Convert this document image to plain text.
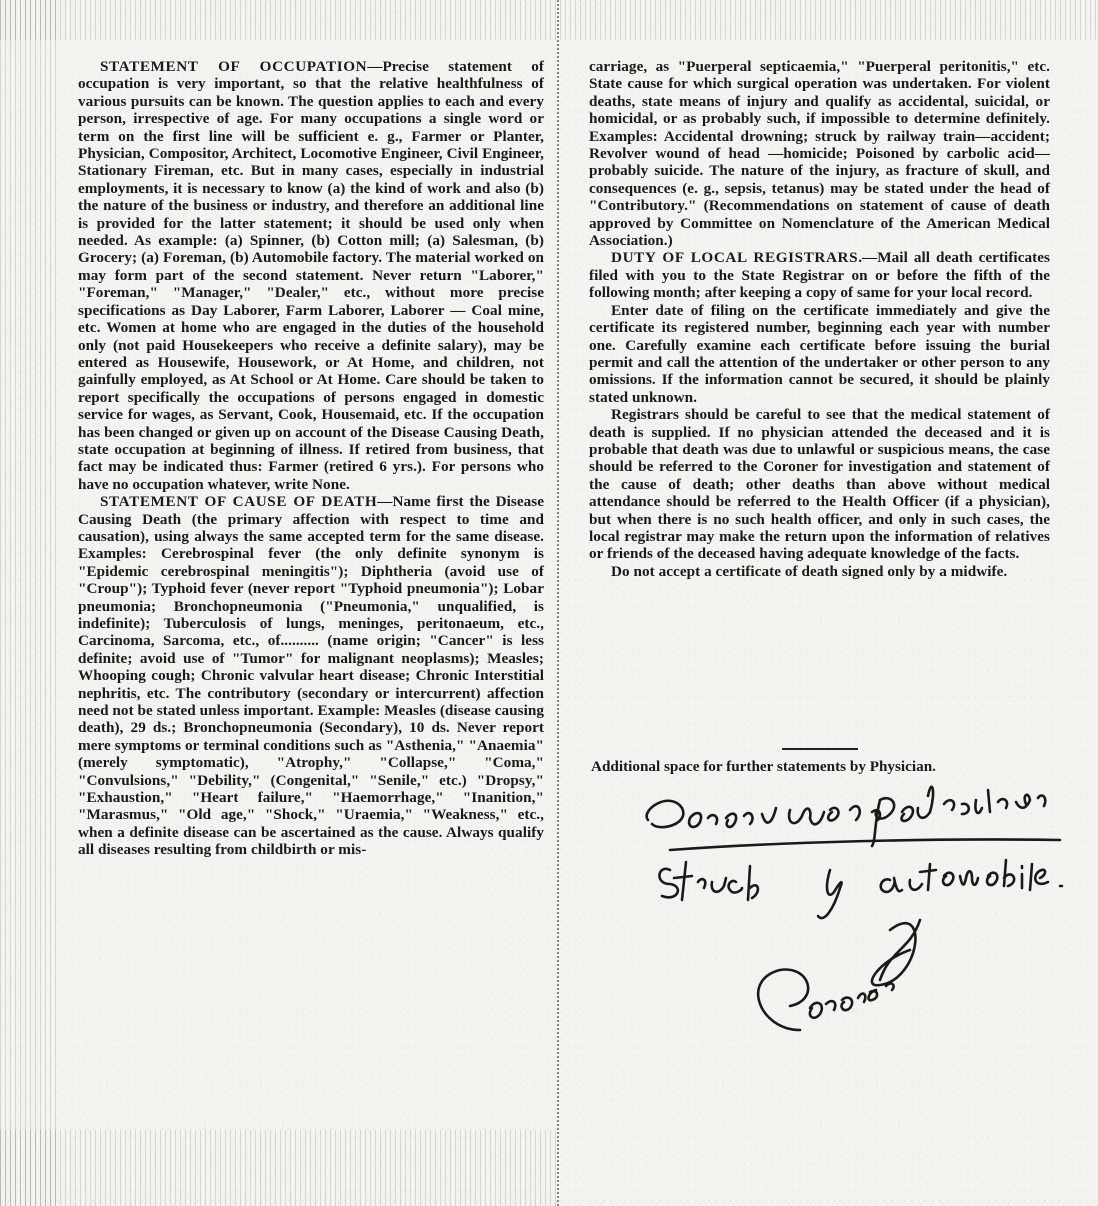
STATEMENT OF OCCUPATION—Precise statement of occupation is very important, so that the relative healthfulness of various pursuits can be known. The question applies to each and every person, irrespective of age. For many occupations a single word or term on the first line will be sufficient e. g., Farmer or Planter, Physician, Compositor, Architect, Locomotive Engineer, Civil Engineer, Stationary Fireman, etc. But in many cases, especially in industrial employments, it is necessary to know (a) the kind of work and also (b) the nature of the business or industry, and therefore an additional line is provided for the latter statement; it should be used only when needed. As example: (a) Spinner, (b) Cotton mill; (a) Salesman, (b) Grocery; (a) Foreman, (b) Automobile factory. The material worked on may form part of the second statement. Never return "Laborer," "Foreman," "Manager," "Dealer," etc., without more precise specifications as Day Laborer, Farm Laborer, Laborer — Coal mine, etc. Women at home who are engaged in the duties of the household only (not paid Housekeepers who receive a definite salary), may be entered as Housewife, Housework, or At Home, and children, not gainfully employed, as At School or At Home. Care should be taken to report specifically the occupations of persons engaged in domestic service for wages, as Servant, Cook, Housemaid, etc. If the occupation has been changed or given up on account of the Disease Causing Death, state occupation at beginning of illness. If retired from business, that fact may be indicated thus: Farmer (retired 6 yrs.). For persons who have no occupation whatever, write None.

STATEMENT OF CAUSE OF DEATH—Name first the Disease Causing Death (the primary affection with respect to time and causation), using always the same accepted term for the same disease. Examples: Cerebrospinal fever (the only definite synonym is "Epidemic cerebrospinal meningitis"); Diphtheria (avoid use of "Croup"); Typhoid fever (never report "Typhoid pneumonia"); Lobar pneumonia; Bronchopneumonia ("Pneumonia," unqualified, is indefinite); Tuberculosis of lungs, meninges, peritonaeum, etc., Carcinoma, Sarcoma, etc., of.......... (name origin; "Cancer" is less definite; avoid use of "Tumor" for malignant neoplasms); Measles; Whooping cough; Chronic valvular heart disease; Chronic Interstitial nephritis, etc. The contributory (secondary or intercurrent) affection need not be stated unless important. Example: Measles (disease causing death), 29 ds.; Bronchopneumonia (Secondary), 10 ds. Never report mere symptoms or terminal conditions such as "Asthenia," "Anaemia" (merely symptomatic), "Atrophy," "Collapse," "Coma," "Convulsions," "Debility," (Congenital," "Senile," etc.) "Dropsy," "Exhaustion," "Heart failure," "Haemorrhage," "Inanition," "Marasmus," "Old age," "Shock," "Uraemia," "Weakness," etc., when a definite disease can be ascertained as the cause. Always qualify all diseases resulting from childbirth or mis-

carriage, as "Puerperal septicaemia," "Puerperal peritonitis," etc. State cause for which surgical operation was undertaken. For violent deaths, state means of injury and qualify as accidental, suicidal, or homicidal, or as probably such, if impossible to determine definitely. Examples: Accidental drowning; struck by railway train—accident; Revolver wound of head —homicide; Poisoned by carbolic acid—probably suicide. The nature of the injury, as fracture of skull, and consequences (e. g., sepsis, tetanus) may be stated under the head of "Contributory." (Recommendations on statement of cause of death approved by Committee on Nomenclature of the American Medical Association.)

DUTY OF LOCAL REGISTRARS.—Mail all death certificates filed with you to the State Registrar on or before the fifth of the following month; after keeping a copy of same for your local record.

Enter date of filing on the certificate immediately and give the certificate its registered number, beginning each year with number one. Carefully examine each certificate before issuing the burial permit and call the attention of the undertaker or other person to any omissions. If the information cannot be secured, it should be plainly stated unknown.

Registrars should be careful to see that the medical statement of death is supplied. If no physician attended the deceased and it is probable that death was due to unlawful or suspicious means, the case should be referred to the Coroner for investigation and statement of the cause of death; other deaths than above without medical attendance should be referred to the Health Officer (if a physician), but when there is no such health officer, and only in such cases, the local registrar may make the return upon the information of relatives or friends of the deceased having adequate knowledge of the facts.

Do not accept a certificate of death signed only by a midwife.

Additional space for further statements by Physician.
